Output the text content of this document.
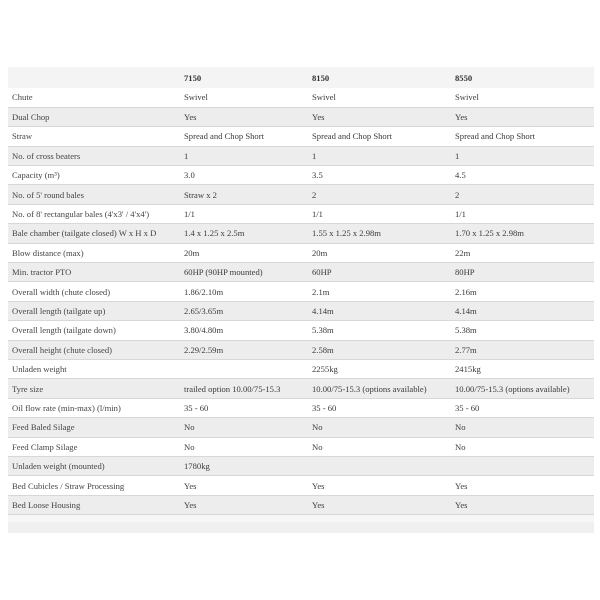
	7150	8150	8550
Chute	Swivel	Swivel	Swivel
Dual Chop	Yes	Yes	Yes
Straw	Spread and Chop Short	Spread and Chop Short	Spread and Chop Short
No. of cross beaters	1	1	1
Capacity (m³)	3.0	3.5	4.5
No. of 5' round bales	Straw x 2	2	2
No. of 8' rectangular bales (4'x3' / 4'x4')	1/1	1/1	1/1
Bale chamber (tailgate closed) W x H x D	1.4 x 1.25 x 2.5m	1.55 x 1.25 x 2.98m	1.70 x 1.25 x 2.98m
Blow distance (max)	20m	20m	22m
Min. tractor PTO	60HP (90HP mounted)	60HP	80HP
Overall width (chute closed)	1.86/2.10m	2.1m	2.16m
Overall length (tailgate up)	2.65/3.65m	4.14m	4.14m
Overall length (tailgate down)	3.80/4.80m	5.38m	5.38m
Overall height (chute closed)	2.29/2.59m	2.58m	2.77m
Unladen weight		2255kg	2415kg
Tyre size	trailed option 10.00/75-15.3	10.00/75-15.3 (options available)	10.00/75-15.3 (options available)
Oil flow rate (min-max) (l/min)	35 - 60	35 - 60	35 - 60
Feed Baled Silage	No	No	No
Feed Clamp Silage	No	No	No
Unladen weight (mounted)	1780kg		
Bed Cubicles / Straw Processing	Yes	Yes	Yes
Bed Loose Housing	Yes	Yes	Yes
